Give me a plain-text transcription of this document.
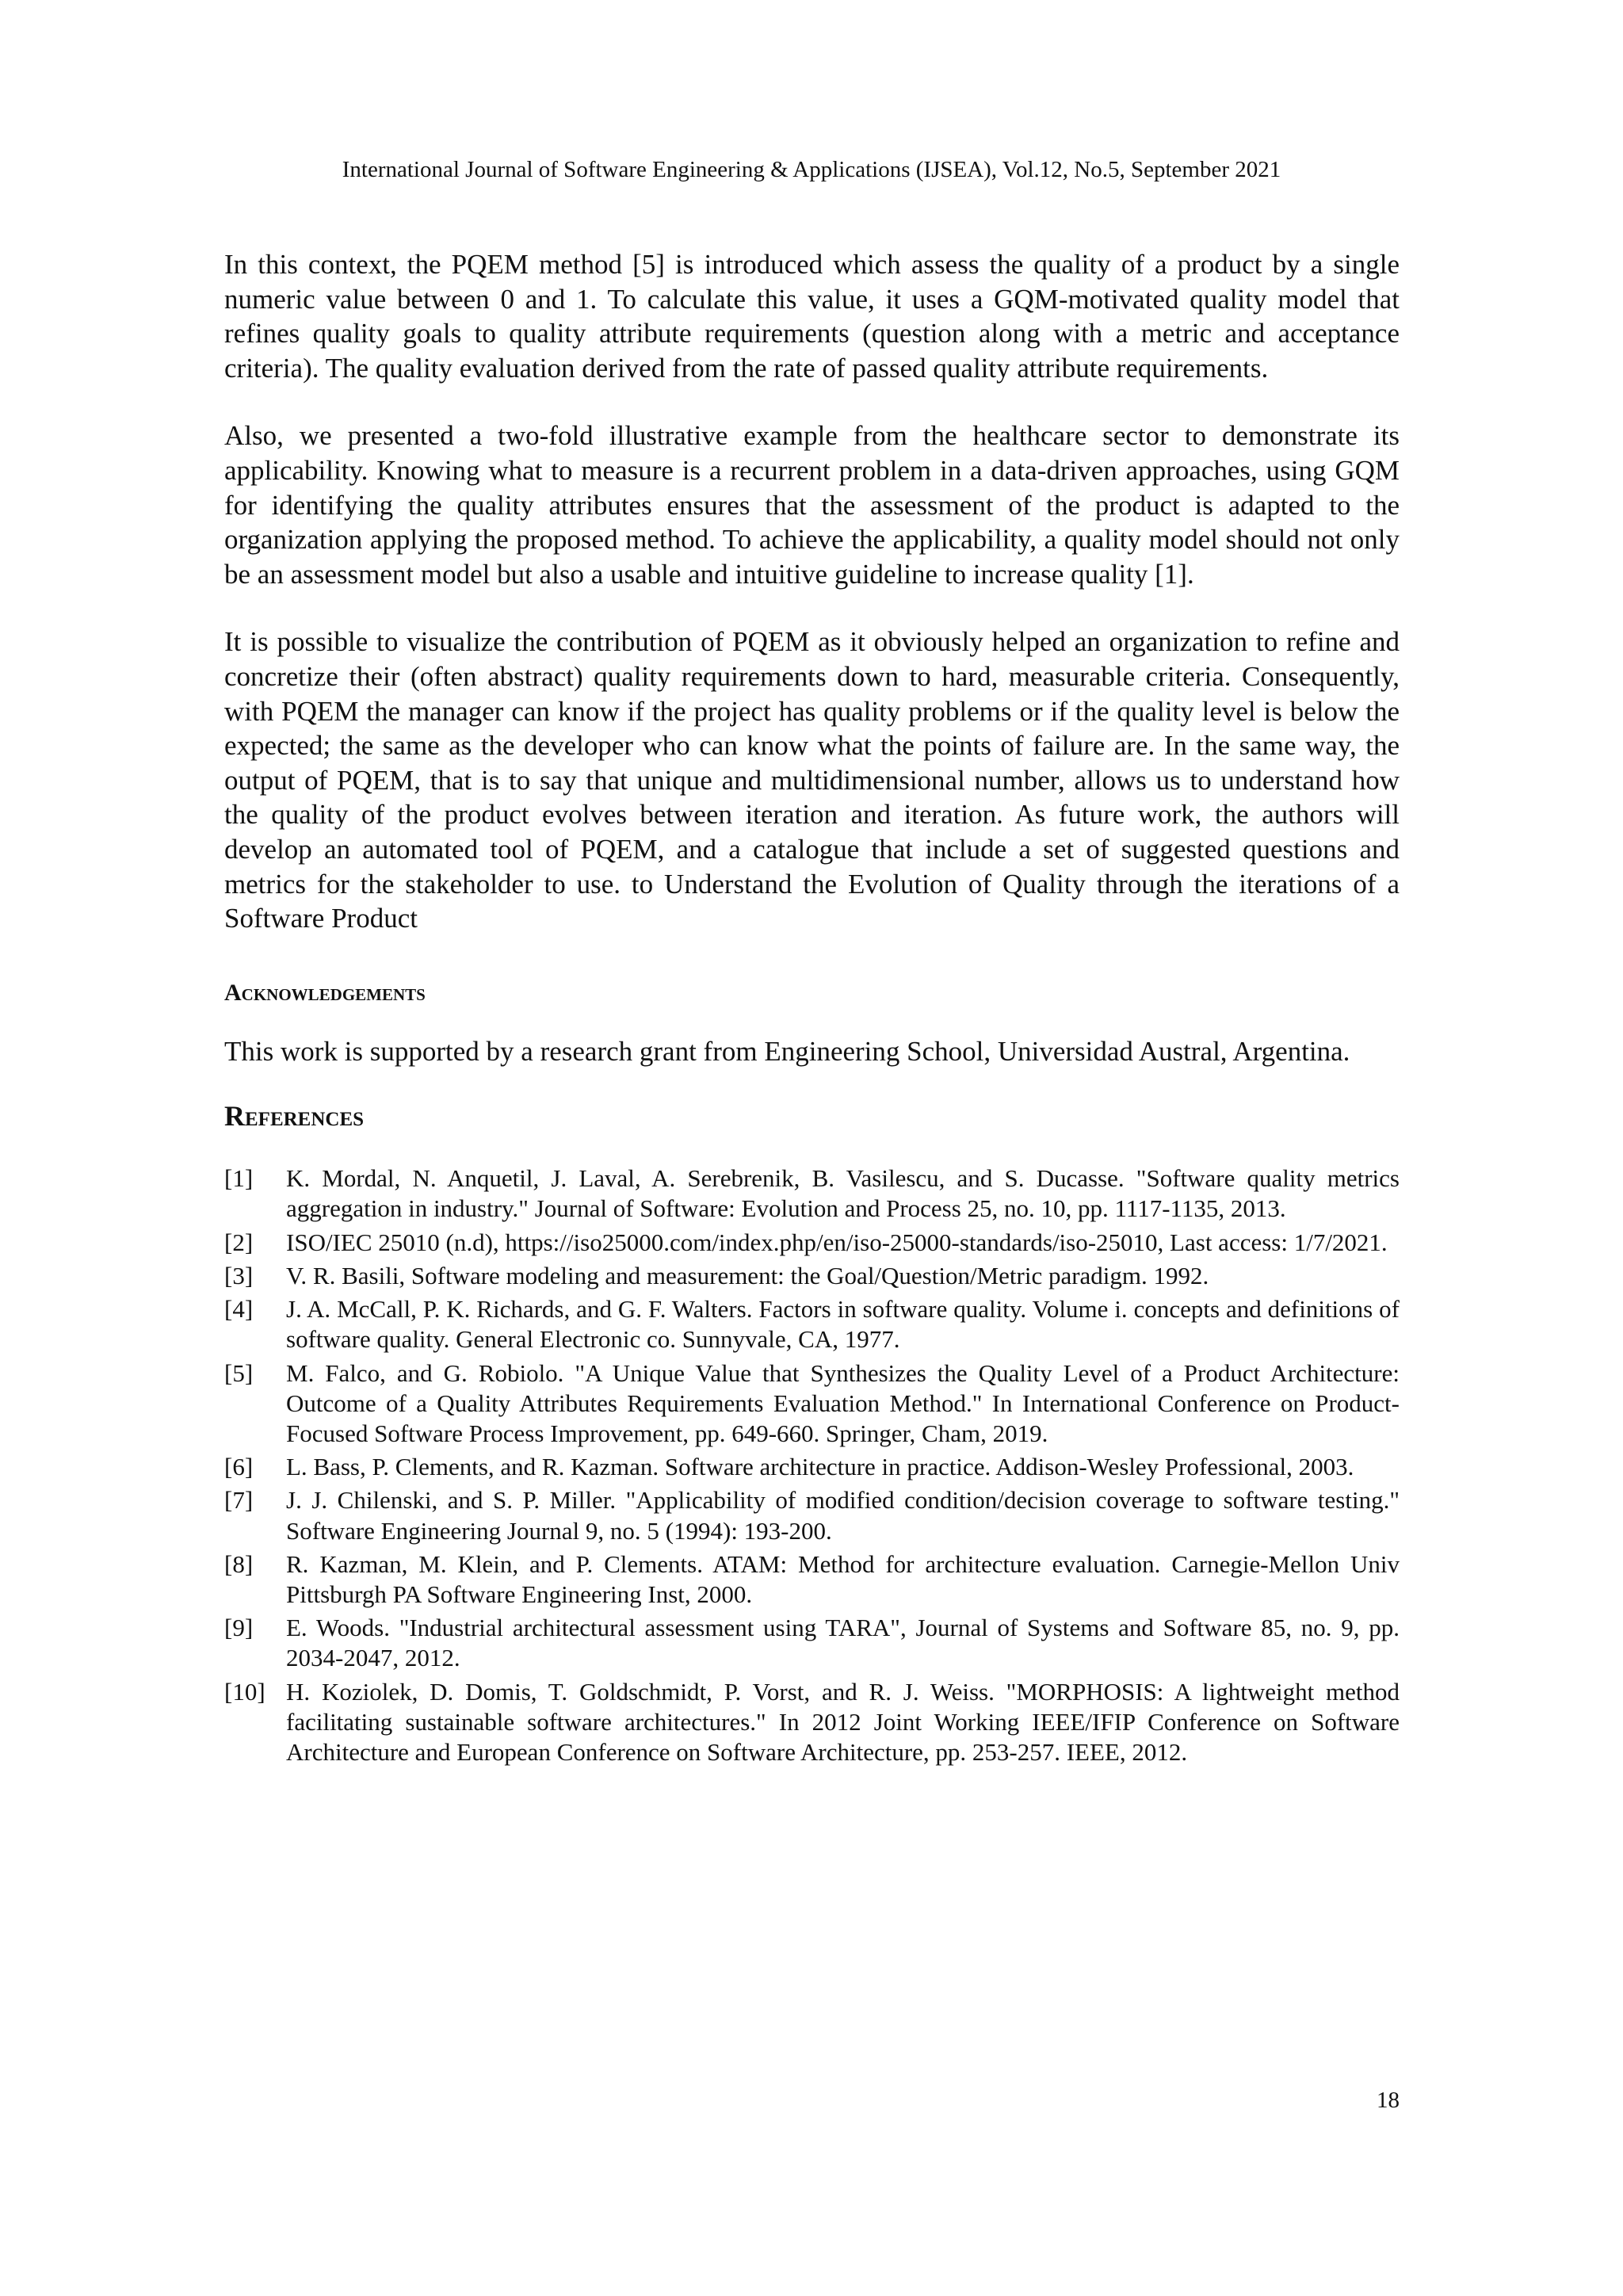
International Journal of Software Engineering & Applications (IJSEA), Vol.12, No.5, September 2021

In this context, the PQEM method [5] is introduced which assess the quality of a product by a single numeric value between 0 and 1. To calculate this value, it uses a GQM-motivated quality model that refines quality goals to quality attribute requirements (question along with a metric and acceptance criteria). The quality evaluation derived from the rate of passed quality attribute requirements.

Also, we presented a two-fold illustrative example from the healthcare sector to demonstrate its applicability. Knowing what to measure is a recurrent problem in a data-driven approaches, using GQM for identifying the quality attributes ensures that the assessment of the product is adapted to the organization applying the proposed method. To achieve the applicability, a quality model should not only be an assessment model but also a usable and intuitive guideline to increase quality [1].

It is possible to visualize the contribution of PQEM as it obviously helped an organization to refine and concretize their (often abstract) quality requirements down to hard, measurable criteria. Consequently, with PQEM the manager can know if the project has quality problems or if the quality level is below the expected; the same as the developer who can know what the points of failure are. In the same way, the output of PQEM, that is to say that unique and multidimensional number, allows us to understand how the quality of the product evolves between iteration and iteration. As future work, the authors will develop an automated tool of PQEM, and a catalogue that include a set of suggested questions and metrics for the stakeholder to use. to Understand the Evolution of Quality through the iterations of a Software Product

Acknowledgements

This work is supported by a research grant from Engineering School, Universidad Austral, Argentina.

References
[1]	K. Mordal, N. Anquetil, J. Laval, A. Serebrenik, B. Vasilescu, and S. Ducasse. "Software quality metrics aggregation in industry." Journal of Software: Evolution and Process 25, no. 10, pp. 1117-1135, 2013.
[2]	ISO/IEC 25010 (n.d), https://iso25000.com/index.php/en/iso-25000-standards/iso-25010, Last access: 1/7/2021.
[3]	V. R. Basili, Software modeling and measurement: the Goal/Question/Metric paradigm. 1992.
[4]	J. A. McCall, P. K. Richards, and G. F. Walters. Factors in software quality. Volume i. concepts and definitions of software quality. General Electronic co. Sunnyvale, CA, 1977.
[5]	M. Falco, and G. Robiolo. "A Unique Value that Synthesizes the Quality Level of a Product Architecture: Outcome of a Quality Attributes Requirements Evaluation Method." In International Conference on Product-Focused Software Process Improvement, pp. 649-660. Springer, Cham, 2019.
[6]	L. Bass, P. Clements, and R. Kazman. Software architecture in practice. Addison-Wesley Professional, 2003.
[7]	J. J. Chilenski, and S. P. Miller. "Applicability of modified condition/decision coverage to software testing." Software Engineering Journal 9, no. 5 (1994): 193-200.
[8]	R. Kazman, M. Klein, and P. Clements. ATAM: Method for architecture evaluation. Carnegie-Mellon Univ Pittsburgh PA Software Engineering Inst, 2000.
[9]	E. Woods. "Industrial architectural assessment using TARA", Journal of Systems and Software 85, no. 9, pp. 2034-2047, 2012.
[10] H. Koziolek, D. Domis, T. Goldschmidt, P. Vorst, and R. J. Weiss. "MORPHOSIS: A lightweight method facilitating sustainable software architectures." In 2012 Joint Working IEEE/IFIP Conference on Software Architecture and European Conference on Software Architecture, pp. 253-257. IEEE, 2012.
18
